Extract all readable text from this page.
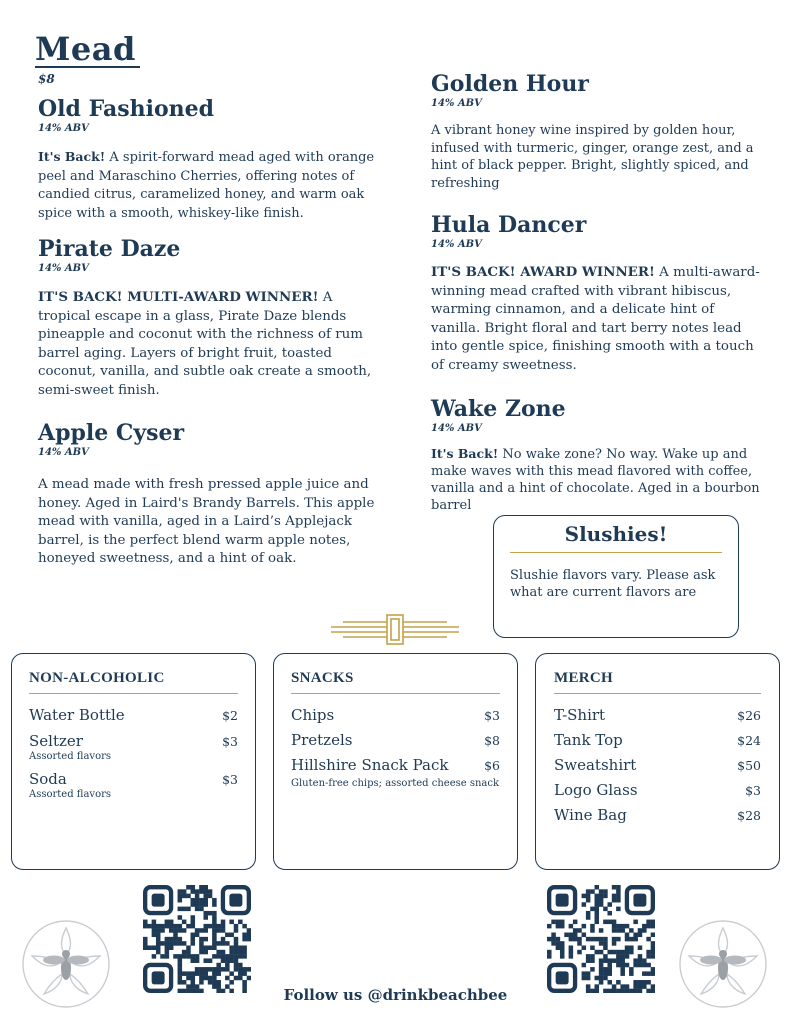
Mead
$8
Old Fashioned
14% ABV
It's Back! A spirit-forward mead aged with orange peel and Maraschino Cherries, offering notes of candied citrus, caramelized honey, and warm oak spice with a smooth, whiskey-like finish.
Pirate Daze
14% ABV
IT'S BACK! MULTI-AWARD WINNER! A tropical escape in a glass, Pirate Daze blends pineapple and coconut with the richness of rum barrel aging. Layers of bright fruit, toasted coconut, vanilla, and subtle oak create a smooth, semi-sweet finish.
Apple Cyser
14% ABV
A mead made with fresh pressed apple juice and honey. Aged in Laird's Brandy Barrels. This apple mead with vanilla, aged in a Laird’s Applejack barrel, is the perfect blend warm apple notes, honeyed sweetness, and a hint of oak.
Golden Hour
14% ABV
A vibrant honey wine inspired by golden hour, infused with turmeric, ginger, orange zest, and a hint of black pepper. Bright, slightly spiced, and refreshing
Hula Dancer
14% ABV
IT'S BACK! AWARD WINNER! A multi-award-winning mead crafted with vibrant hibiscus, warming cinnamon, and a delicate hint of vanilla. Bright floral and tart berry notes lead into gentle spice, finishing smooth with a touch of creamy sweetness.
Wake Zone
14% ABV
It's Back! No wake zone? No way. Wake up and make waves with this mead flavored with coffee, vanilla and a hint of chocolate. Aged in a bourbon barrel
Slushies!
Slushie flavors vary. Please ask what are current flavors are
NON-ALCOHOLIC
Water Bottle	$2
Seltzer	$3
Assorted flavors
Soda	$3
Assorted flavors
SNACKS
Chips	$3
Pretzels	$8
Hillshire Snack Pack	$6
Gluten-free chips; assorted cheese snack
MERCH
T-Shirt	$26
Tank Top	$24
Sweatshirt	$50
Logo Glass	$3
Wine Bag	$28
Follow us @drinkbeachbee
